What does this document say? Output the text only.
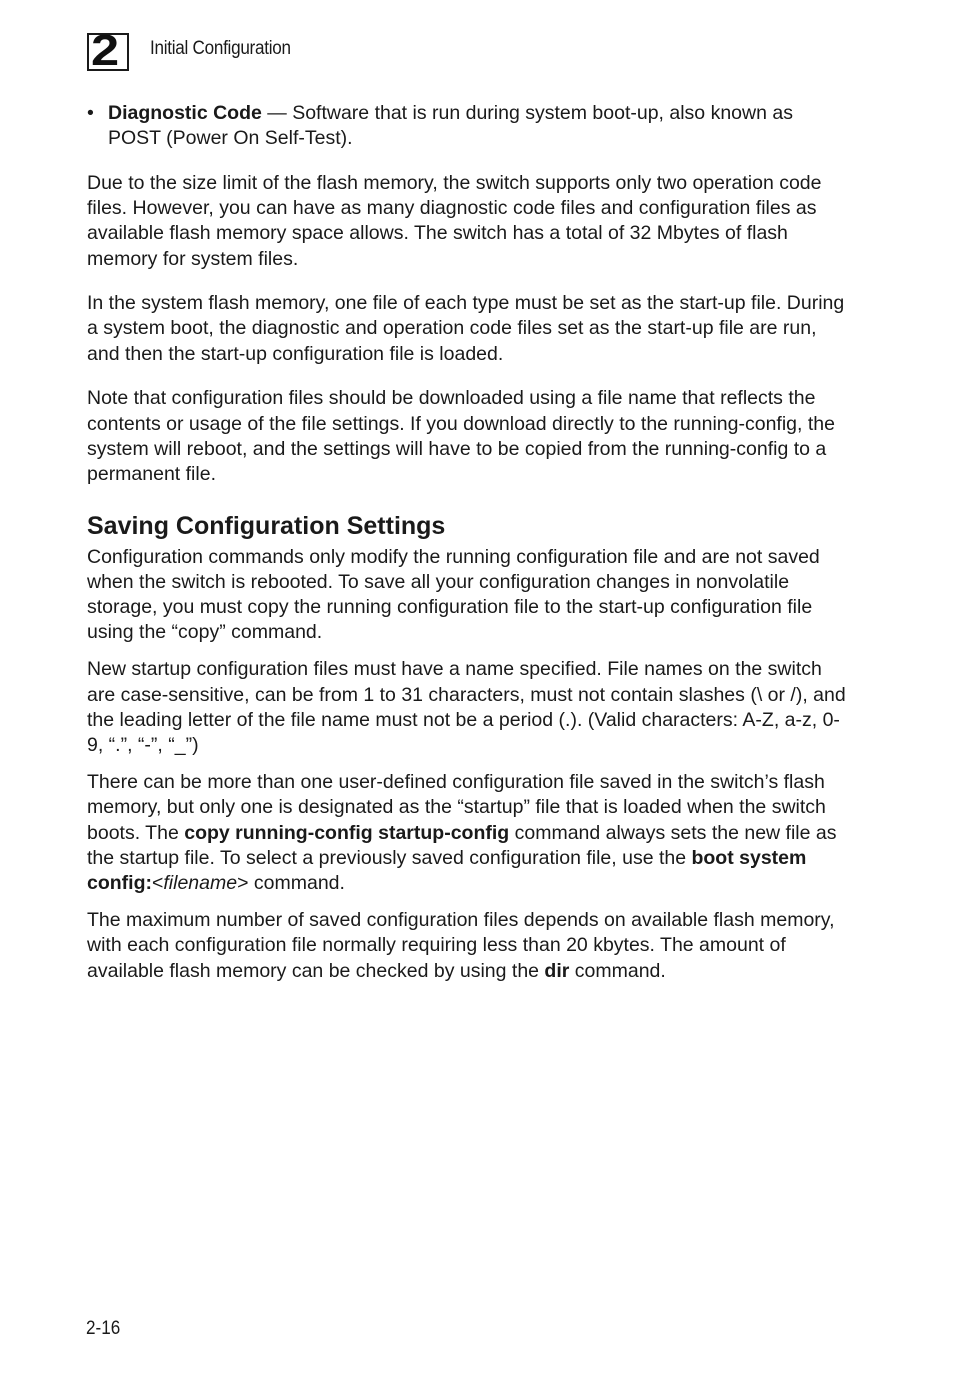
2 Initial Configuration

• Diagnostic Code — Software that is run during system boot-up, also known as POST (Power On Self-Test).

Due to the size limit of the flash memory, the switch supports only two operation code files. However, you can have as many diagnostic code files and configuration files as available flash memory space allows. The switch has a total of 32 Mbytes of flash memory for system files.

In the system flash memory, one file of each type must be set as the start-up file. During a system boot, the diagnostic and operation code files set as the start-up file are run, and then the start-up configuration file is loaded.

Note that configuration files should be downloaded using a file name that reflects the contents or usage of the file settings. If you download directly to the running-config, the system will reboot, and the settings will have to be copied from the running-config to a permanent file.

Saving Configuration Settings

Configuration commands only modify the running configuration file and are not saved when the switch is rebooted. To save all your configuration changes in nonvolatile storage, you must copy the running configuration file to the start-up configuration file using the “copy” command.

New startup configuration files must have a name specified. File names on the switch are case-sensitive, can be from 1 to 31 characters, must not contain slashes (\ or /), and the leading letter of the file name must not be a period (.). (Valid characters: A-Z, a-z, 0-9, “.”, “-”, “_”)

There can be more than one user-defined configuration file saved in the switch’s flash memory, but only one is designated as the “startup” file that is loaded when the switch boots. The copy running-config startup-config command always sets the new file as the startup file. To select a previously saved configuration file, use the boot system config:<filename> command.

The maximum number of saved configuration files depends on available flash memory, with each configuration file normally requiring less than 20 kbytes. The amount of available flash memory can be checked by using the dir command.

2-16
